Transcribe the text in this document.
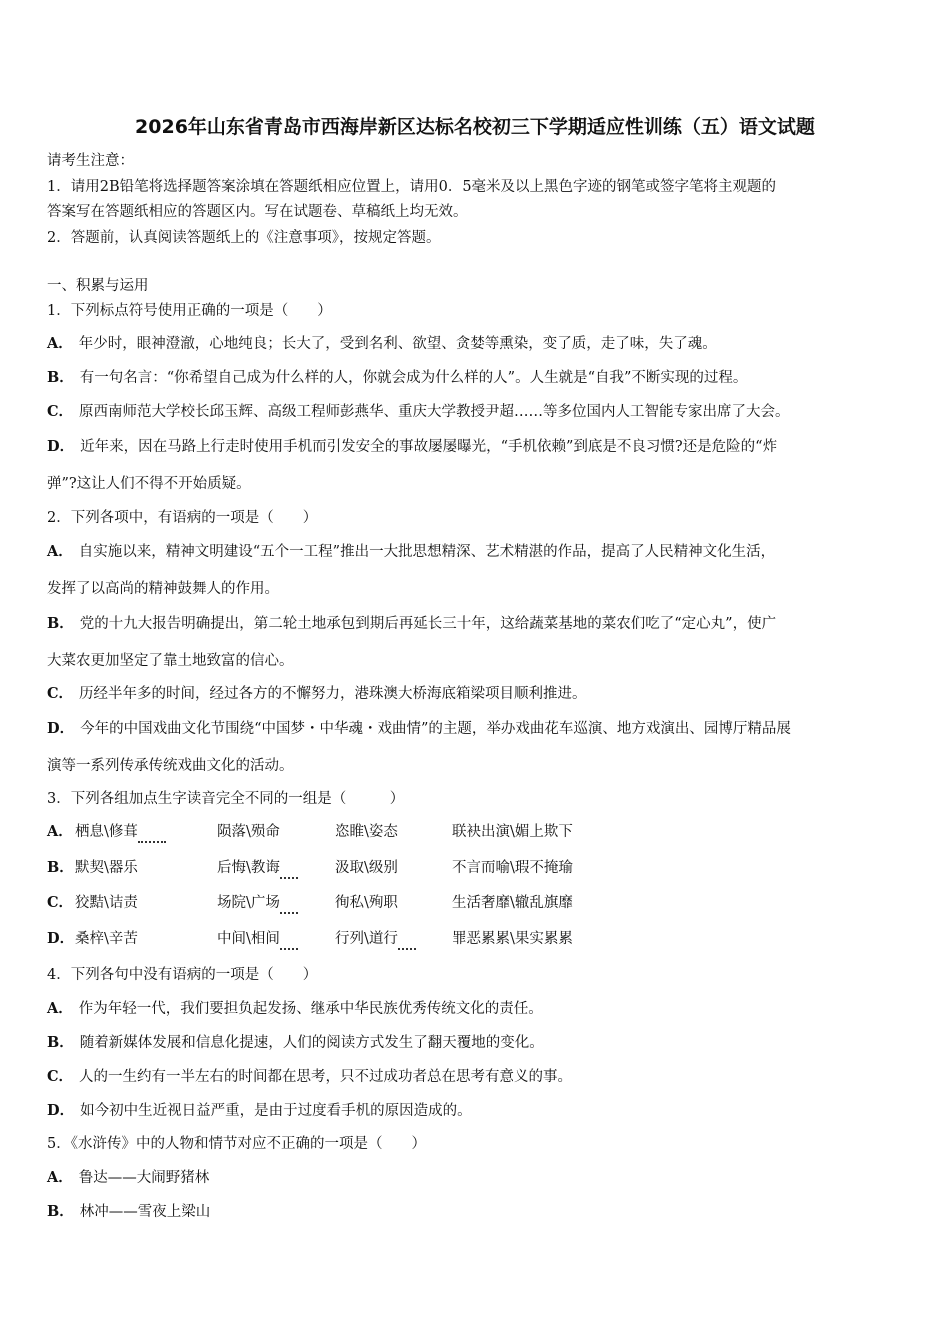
2026年山东省青岛市西海岸新区达标名校初三下学期适应性训练（五）语文试题
请考生注意：
1．请用2B铅笔将选择题答案涂填在答题纸相应位置上，请用0．5毫米及以上黑色字迹的钢笔或签字笔将主观题的
答案写在答题纸相应的答题区内。写在试题卷、草稿纸上均无效。
2．答题前，认真阅读答题纸上的《注意事项》，按规定答题。
一、积累与运用
1．下列标点符号使用正确的一项是（　　）
A． 年少时，眼神澄澈，心地纯良；长大了，受到名利、欲望、贪婪等熏染，变了质，走了味，失了魂。
B． 有一句名言：“你希望自己成为什么样的人，你就会成为什么样的人”。人生就是“自我”不断实现的过程。
C． 原西南师范大学校长邱玉辉、高级工程师彭燕华、重庆大学教授尹超……等多位国内人工智能专家出席了大会。
D． 近年来，因在马路上行走时使用手机而引发安全的事故屡屡曝光，“手机依赖”到底是不良习惯?还是危险的“炸
弹”?这让人们不得不开始质疑。
2．下列各项中，有语病的一项是（　　）
A． 自实施以来，精神文明建设“五个一工程”推出一大批思想精深、艺术精湛的作品，提高了人民精神文化生活，
发挥了以高尚的精神鼓舞人的作用。
B． 党的十九大报告明确提出，第二轮土地承包到期后再延长三十年，这给蔬菜基地的菜农们吃了“定心丸”，使广
大菜农更加坚定了靠土地致富的信心。
C． 历经半年多的时间，经过各方的不懈努力，港珠澳大桥海底箱梁项目顺利推进。
D． 今年的中国戏曲文化节围绕“中国梦・中华魂・戏曲情”的主题，举办戏曲花车巡演、地方戏演出、园博厅精品展
演等一系列传承传统戏曲文化的活动。
3．下列各组加点生字读音完全不同的一组是（　　　）
A． 栖息\修葺   	陨落\殒命	恣睢\姿态	联袂出演\媚上欺下
B． 默契\器乐	后悔\教诲  	汲取\级别	不言而喻\瑕不掩瑜
C． 狡黠\诘责	场院\广场  	徇私\殉职	生活奢靡\辙乱旗靡
D． 桑梓\辛苦	中间\相间  	行列\道行  	罪恶累累\果实累累
4．下列各句中没有语病的一项是（　　）
A． 作为年轻一代，我们要担负起发扬、继承中华民族优秀传统文化的责任。
B． 随着新媒体发展和信息化提速，人们的阅读方式发生了翻天覆地的变化。
C． 人的一生约有一半左右的时间都在思考，只不过成功者总在思考有意义的事。
D． 如今初中生近视日益严重，是由于过度看手机的原因造成的。
5．《水浒传》中的人物和情节对应不正确的一项是（　　）
A． 鲁达——大闹野猪林
B． 林冲——雪夜上梁山
